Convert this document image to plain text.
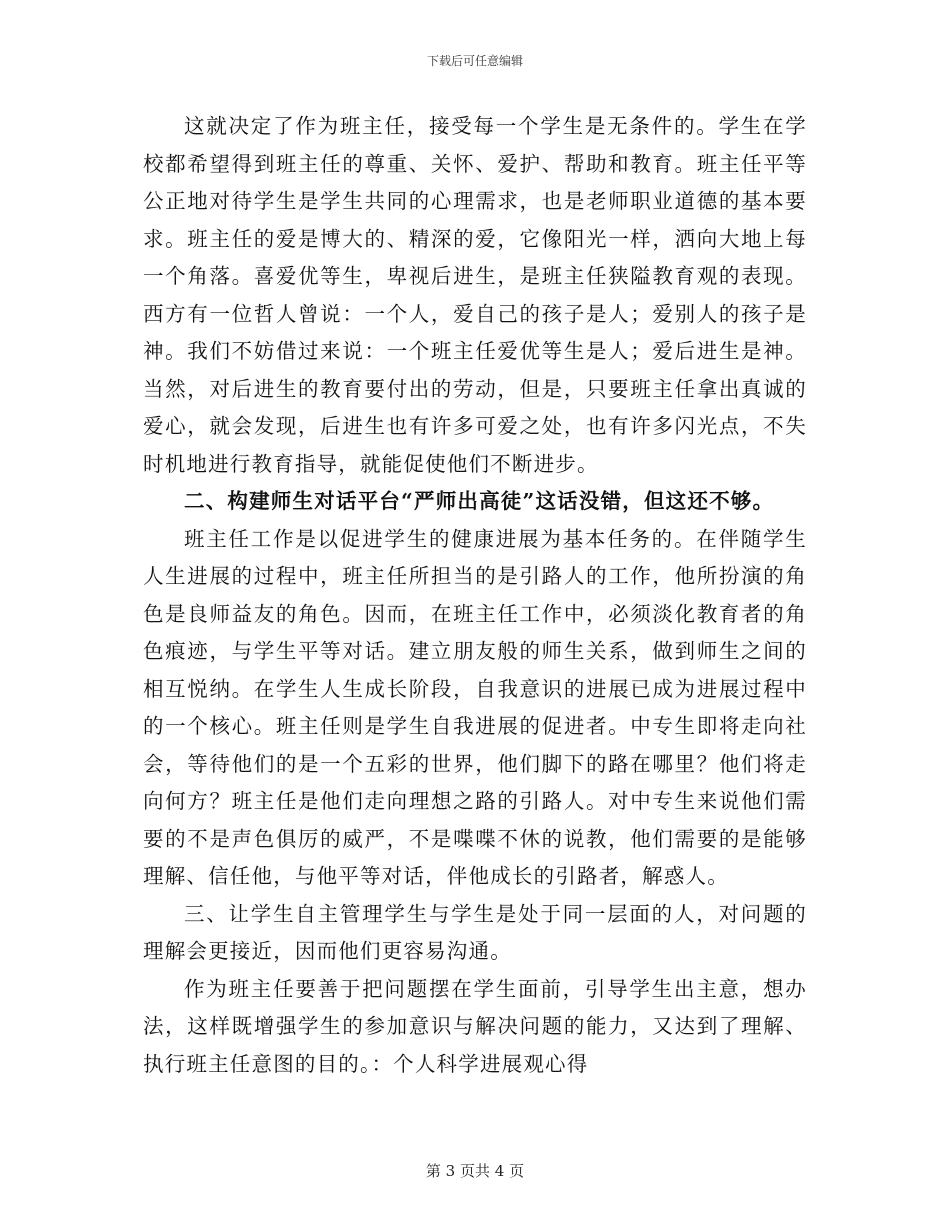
下载后可任意编辑

这就决定了作为班主任，接受每一个学生是无条件的。学生在学校都希望得到班主任的尊重、关怀、爱护、帮助和教育。班主任平等公正地对待学生是学生共同的心理需求，也是老师职业道德的基本要求。班主任的爱是博大的、精深的爱，它像阳光一样，洒向大地上每一个角落。喜爱优等生，卑视后进生，是班主任狭隘教育观的表现。西方有一位哲人曾说：一个人，爱自己的孩子是人；爱别人的孩子是神。我们不妨借过来说：一个班主任爱优等生是人；爱后进生是神。当然，对后进生的教育要付出的劳动，但是，只要班主任拿出真诚的爱心，就会发现，后进生也有许多可爱之处，也有许多闪光点，不失时机地进行教育指导，就能促使他们不断进步。

二、构建师生对话平台“严师出高徒”这话没错，但这还不够。

班主任工作是以促进学生的健康进展为基本任务的。在伴随学生人生进展的过程中，班主任所担当的是引路人的工作，他所扮演的角色是良师益友的角色。因而，在班主任工作中，必须淡化教育者的角色痕迹，与学生平等对话。建立朋友般的师生关系，做到师生之间的相互悦纳。在学生人生成长阶段，自我意识的进展已成为进展过程中的一个核心。班主任则是学生自我进展的促进者。中专生即将走向社会，等待他们的是一个五彩的世界，他们脚下的路在哪里？他们将走向何方？班主任是他们走向理想之路的引路人。对中专生来说他们需要的不是声色俱厉的威严，不是喋喋不休的说教，他们需要的是能够理解、信任他，与他平等对话，伴他成长的引路者，解惑人。

三、让学生自主管理学生与学生是处于同一层面的人，对问题的理解会更接近，因而他们更容易沟通。

作为班主任要善于把问题摆在学生面前，引导学生出主意，想办法，这样既增强学生的参加意识与解决问题的能力，又达到了理解、执行班主任意图的目的。：个人科学进展观心得

第 3 页共 4 页
